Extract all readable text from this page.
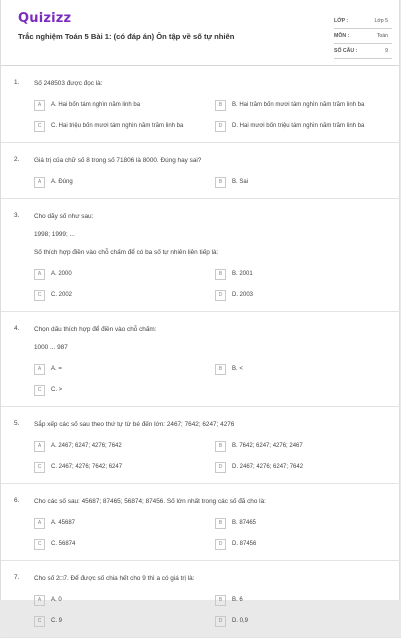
Quizizz
Trắc nghiệm Toán 5 Bài 1: (có đáp án) Ôn tập về số tự nhiên
LỚP :	Lớp 5
MÔN :	Toán
SỐ CÂU :	9
1. Số 248503 được đọc là:
A	A. Hai bốn tám nghìn năm linh ba	B	B. Hai trăm bốn mươi tám nghìn năm trăm linh ba
C	C. Hai triệu bốn mươi tám nghìn năm trăm linh ba	D	D. Hai mươi bốn triệu tám nghìn năm trăm linh ba
2. Giá trị của chữ số 8 trong số 71806 là 8000. Đúng hay sai?
A	A. Đúng	B	B. Sai
3. Cho dãy số như sau:
1998; 1999; ...
Số thích hợp điền vào chỗ chấm để có ba số tự nhiên liên tiếp là:
A	A. 2000	B	B. 2001
C	C. 2002	D	D. 2003
4. Chọn dấu thích hợp để điền vào chỗ chấm:
1000 ... 987
A	A. =	B	B. <
C	C. >
5. Sắp xếp các số sau theo thứ tự từ bé đến lớn: 2467; 7642; 6247; 4276
A	A. 2467; 6247; 4276; 7642	B	B. 7642; 6247; 4276; 2467
C	C. 2467; 4276; 7642; 6247	D	D. 2467; 4276; 6247; 7642
6. Cho các số sau: 45687; 87465; 56874; 87456. Số lớn nhất trong các số đã cho là:
A	A. 45687	B	B. 87465
C	C. 56874	D	D. 87456
7. Cho số 2□7. Để được số chia hết cho 9 thì a có giá trị là:
A	A. 0	B	B. 6
C	C. 9	D	D. 0,9
